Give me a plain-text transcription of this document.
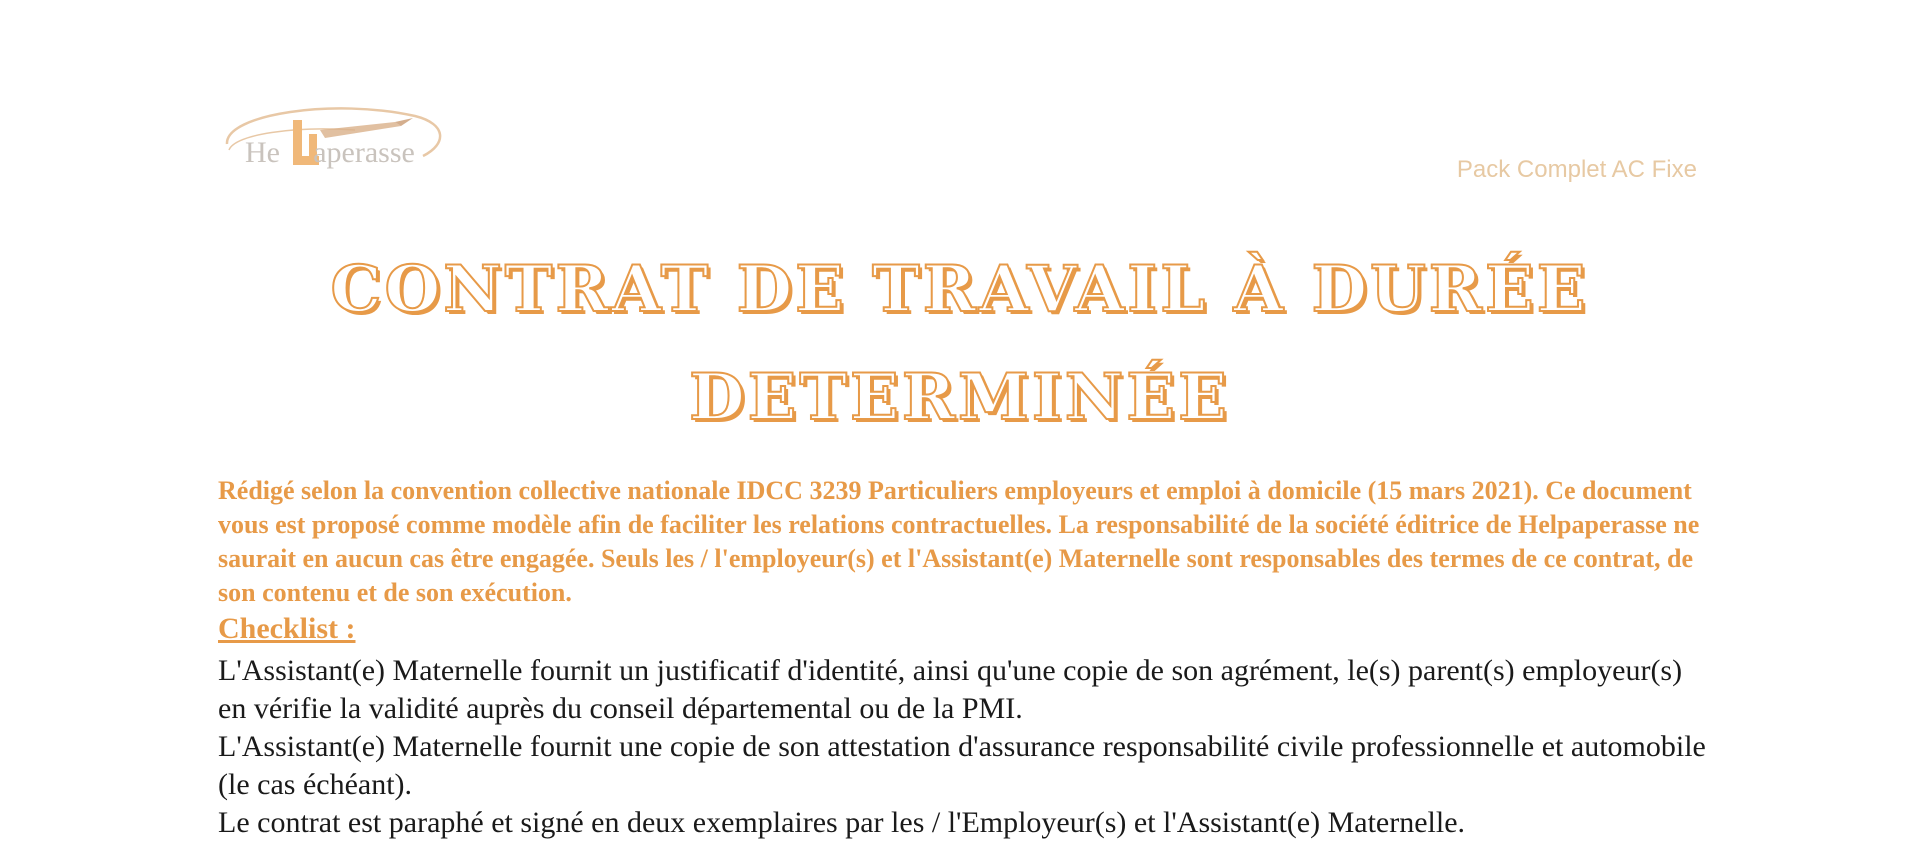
He aperasse
Pack Complet AC Fixe
CONTRAT DE TRAVAIL À DURÉE
DETERMINÉE
Rédigé selon la convention collective nationale IDCC 3239 Particuliers employeurs et emploi à domicile (15 mars 2021). Ce document vous est proposé comme modèle afin de faciliter les relations contractuelles. La responsabilité de la société éditrice de Helpaperasse ne saurait en aucun cas être engagée. Seuls les / l'employeur(s) et l'Assistant(e) Maternelle sont responsables des termes de ce contrat, de son contenu et de son exécution.
Checklist :

L'Assistant(e) Maternelle fournit un justificatif d'identité, ainsi qu'une copie de son agrément, le(s) parent(s) employeur(s) en vérifie la validité auprès du conseil départemental ou de la PMI.

L'Assistant(e) Maternelle fournit une copie de son attestation d'assurance responsabilité civile professionnelle et automobile (le cas échéant).

Le contrat est paraphé et signé en deux exemplaires par les / l'Employeur(s) et l'Assistant(e) Maternelle.
